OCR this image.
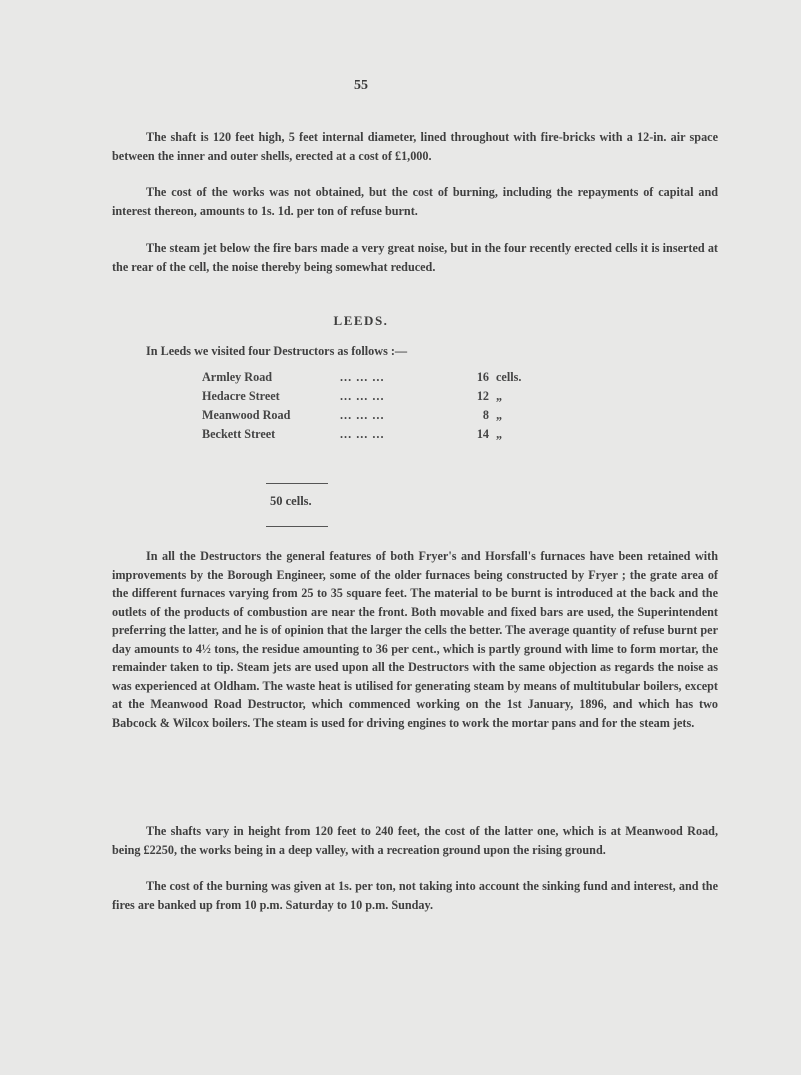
55

The shaft is 120 feet high, 5 feet internal diameter, lined throughout with fire-bricks with a 12-in. air space between the inner and outer shells, erected at a cost of £1,000.

The cost of the works was not obtained, but the cost of burning, including the repayments of capital and interest thereon, amounts to 1s. 1d. per ton of refuse burnt.

The steam jet below the fire bars made a very great noise, but in the four recently erected cells it is inserted at the rear of the cell, the noise thereby being somewhat reduced.

LEEDS.
In Leeds we visited four Destructors as follows :—
Armley Road	... ... ...	16 cells.
Hedacre Street	... ... ...	12 „
Meanwood Road	... ... ...	8 „
Beckett Street	... ... ...	14 „
50 cells.

In all the Destructors the general features of both Fryer's and Horsfall's furnaces have been retained with improvements by the Borough Engineer, some of the older furnaces being constructed by Fryer ; the grate area of the different furnaces varying from 25 to 35 square feet. The material to be burnt is introduced at the back and the outlets of the products of combustion are near the front. Both movable and fixed bars are used, the Superintendent preferring the latter, and he is of opinion that the larger the cells the better. The average quantity of refuse burnt per day amounts to 4½ tons, the residue amounting to 36 per cent., which is partly ground with lime to form mortar, the remainder taken to tip. Steam jets are used upon all the Destructors with the same objection as regards the noise as was experienced at Oldham. The waste heat is utilised for generating steam by means of multitubular boilers, except at the Meanwood Road Destructor, which commenced working on the 1st January, 1896, and which has two Babcock & Wilcox boilers. The steam is used for driving engines to work the mortar pans and for the steam jets.

The shafts vary in height from 120 feet to 240 feet, the cost of the latter one, which is at Meanwood Road, being £2250, the works being in a deep valley, with a recreation ground upon the rising ground.

The cost of the burning was given at 1s. per ton, not taking into account the sinking fund and interest, and the fires are banked up from 10 p.m. Saturday to 10 p.m. Sunday.
